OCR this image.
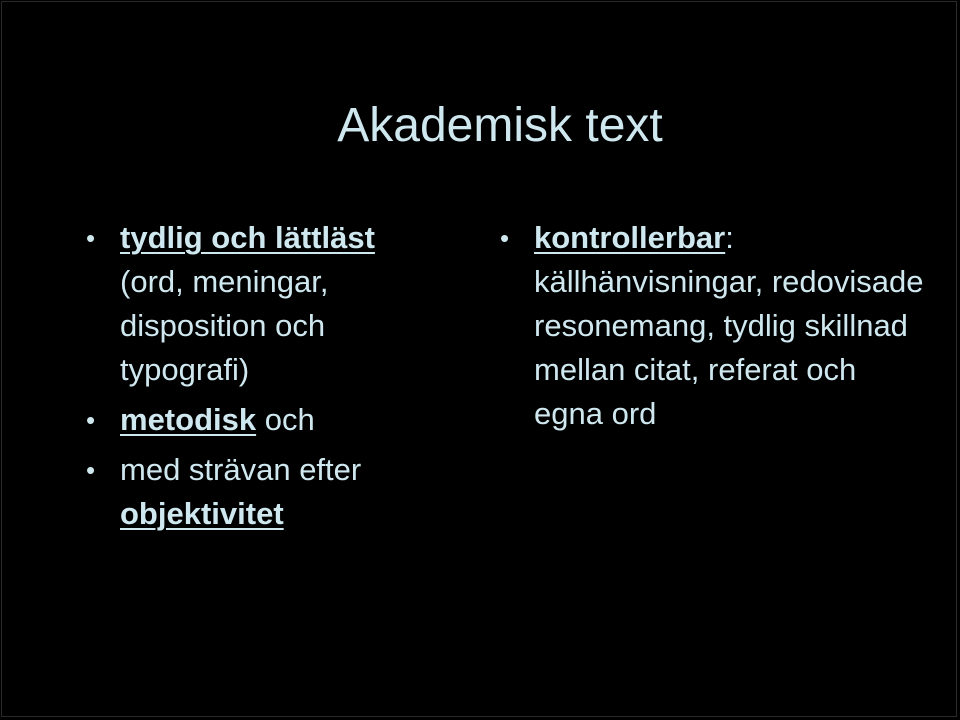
Akademisk text
• tydlig och lättläst
(ord, meningar, disposition och typografi)
• metodisk och
• med strävan efter
objektivitet
• kontrollerbar: källhänvisningar, redovisade resonemang, tydlig skillnad mellan citat, referat och egna ord
